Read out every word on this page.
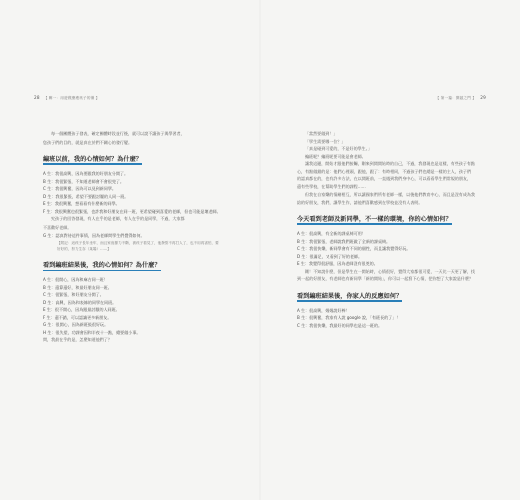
28 【 輯一：用遊戲療癒孩子的傷 】

每一個團體孩子發表，確定團體時段並行後，就可以說不讓孩子與學習者，

您孩子們的目的，就是真在於們不關心的發行變。

編班以前，我的心情如何？為什麼？

A 生：我很高興，因為要跟我的好朋友分開了。

B 生：我很緊張，不知道老師會不會很兇了。

C 生：我很興奮，因為可以見到新同學。

D 生：我很緊張，希望不要跟討厭的人同一班。

E 生：我很興奮，想看看有什麼新的同學。

F 生：我很興奮也很緊張，也許我和好朋友在同一班，更希望碰到喜愛的老師，但也可能是壞老師。

究孩子的回答發現，有人在乎的是老師，有人在乎的是同學，不過，大家都

不喜歡好老師。

G 生：認真對待這件事情，因為老師問學生們覺得如何。

【附記：這孩子長年坐牢，而且家庭暴力不斷，被孩子看見了，他發誓不再打人了，也不用再害怕，要好好的，努力生存（某場）……】

看到編班結果後，我的心情如何？為什麼？

A 生：很開心，因為和麻吉同一班！

B 生：還算還好，和最好朋友同一班。

C 生：很緊張，和好朋友分開了。

D 生：高興，因為和表姊的同學在同班。

E 生：很不開心，因為跟最討厭的人同班。

F 生：還不錯，可以認識更多新朋友。

G 生：很開心，因為新班級很好玩。

H 生：很失望，功課會因和半夜十一點，總要做小事。

問，我最在乎的是，怎麼知道他們了？

【 第一篇：開啟之門 】 29

「當然要做到！」

「學生需要哪一位？」

「真是碰到可愛的，不是好的學生。」

編班呢？編班呢要可能是會老師。

讓我這邊，開始才跟他們接觸，剛來到開開始時的自己，不過，我發現也是這樣，有些孩子有點心，有點做錯的是：他們心裡頭，跟他，跟了：有時相同，不過孩子們也總是一樣的主人，孩子們的認真都在的，也有許多方法，在以開班前，一直遇到我們身中心，可以看看學生們常規的朋友，還有些學校，在幫助學生們的課程……

但我在自家樂的情緒相互，所以讓國家們所有老師一樣，以後他們教育中心，而且是沒有成為我給的好朋友，我們，讓學生作，請他們喜歡感到在學校並沒有人表明。

今天看到老師及新同學，不一樣的環境，你的心情如何？

A 生：很高興，有全新的課桌椅可用！

B 生：我很緊張，老師說我們班做了全新的課桌椅。

C 生：我很快樂，新同學會有不同的個性，而且讓我覺得好玩。

D 生：很滿足，又看到了好的老師。

E 生：我覺得很舒服，因為老師沒有很兇的。

剛！不知說什麼，但是學生在一開始時，心情很好，覺得大家都很可愛，一天比一天更了解，找到一起的好朋友，有老師也有新同學「新的開始」，你可以一起寫下心情，把你想了大家說是什麼？

看到編班結果後，你家人的反應如何？

A 生：很高興，媽媽說好棒！

B 生：很興奮，我家有人說 google 說，「有班長的了」！

C 生：我很快樂，我最好的同學也是這一班的。
